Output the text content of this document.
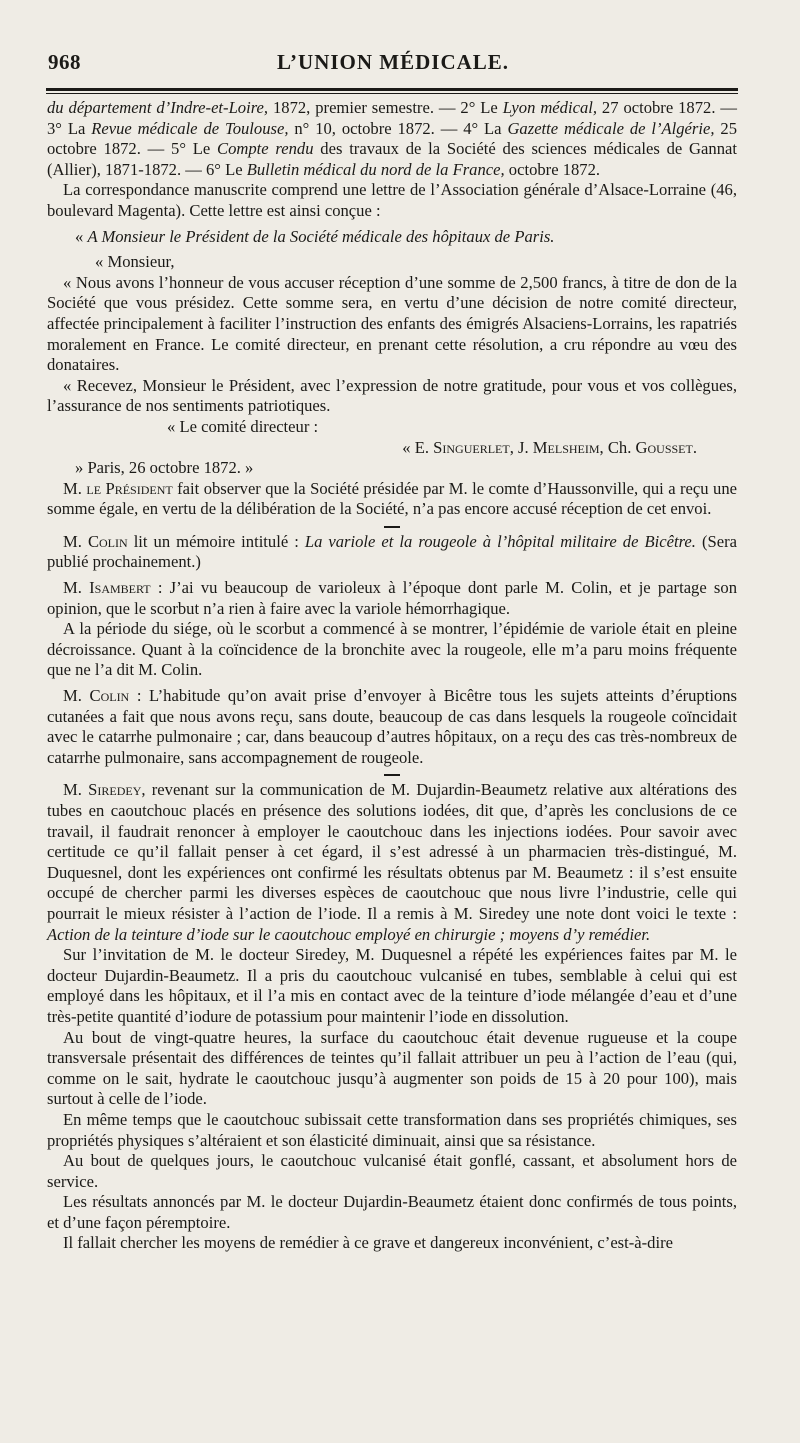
968	L’UNION MÉDICALE.

du département d’Indre-et-Loire, 1872, premier semestre. — 2° Le Lyon médical, 27 octobre 1872. — 3° La Revue médicale de Toulouse, n° 10, octobre 1872. — 4° La Gazette médicale de l’Algérie, 25 octobre 1872. — 5° Le Compte rendu des travaux de la Société des sciences médicales de Gannat (Allier), 1871-1872. — 6° Le Bulletin médical du nord de la France, octobre 1872.

La correspondance manuscrite comprend une lettre de l’Association générale d’Alsace-Lorraine (46, boulevard Magenta). Cette lettre est ainsi conçue :

« A Monsieur le Président de la Société médicale des hôpitaux de Paris.

« Monsieur,

« Nous avons l’honneur de vous accuser réception d’une somme de 2,500 francs, à titre de don de la Société que vous présidez. Cette somme sera, en vertu d’une décision de notre comité directeur, affectée principalement à faciliter l’instruction des enfants des émigrés Alsaciens-Lorrains, les rapatriés moralement en France. Le comité directeur, en prenant cette résolution, a cru répondre au vœu des donataires.

« Recevez, Monsieur le Président, avec l’expression de notre gratitude, pour vous et vos collègues, l’assurance de nos sentiments patriotiques.

« Le comité directeur :

« E. Singuerlet, J. Melsheim, Ch. Gousset.

» Paris, 26 octobre 1872. »

M. le Président fait observer que la Société présidée par M. le comte d’Haussonville, qui a reçu une somme égale, en vertu de la délibération de la Société, n’a pas encore accusé réception de cet envoi.

M. Colin lit un mémoire intitulé : La variole et la rougeole à l’hôpital militaire de Bicêtre. (Sera publié prochainement.)

M. Isambert : J’ai vu beaucoup de varioleux à l’époque dont parle M. Colin, et je partage son opinion, que le scorbut n’a rien à faire avec la variole hémorrhagique.

A la période du siége, où le scorbut a commencé à se montrer, l’épidémie de variole était en pleine décroissance. Quant à la coïncidence de la bronchite avec la rougeole, elle m’a paru moins fréquente que ne l’a dit M. Colin.

M. Colin : L’habitude qu’on avait prise d’envoyer à Bicêtre tous les sujets atteints d’éruptions cutanées a fait que nous avons reçu, sans doute, beaucoup de cas dans lesquels la rougeole coïncidait avec le catarrhe pulmonaire ; car, dans beaucoup d’autres hôpitaux, on a reçu des cas très-nombreux de catarrhe pulmonaire, sans accompagnement de rougeole.

M. Siredey, revenant sur la communication de M. Dujardin-Beaumetz relative aux altérations des tubes en caoutchouc placés en présence des solutions iodées, dit que, d’après les conclusions de ce travail, il faudrait renoncer à employer le caoutchouc dans les injections iodées. Pour savoir avec certitude ce qu’il fallait penser à cet égard, il s’est adressé à un pharmacien très-distingué, M. Duquesnel, dont les expériences ont confirmé les résultats obtenus par M. Beaumetz : il s’est ensuite occupé de chercher parmi les diverses espèces de caoutchouc que nous livre l’industrie, celle qui pourrait le mieux résister à l’action de l’iode. Il a remis à M. Siredey une note dont voici le texte : Action de la teinture d’iode sur le caoutchouc employé en chirurgie ; moyens d’y remédier.

Sur l’invitation de M. le docteur Siredey, M. Duquesnel a répété les expériences faites par M. le docteur Dujardin-Beaumetz. Il a pris du caoutchouc vulcanisé en tubes, semblable à celui qui est employé dans les hôpitaux, et il l’a mis en contact avec de la teinture d’iode mélangée d’eau et d’une très-petite quantité d’iodure de potassium pour maintenir l’iode en dissolution.

Au bout de vingt-quatre heures, la surface du caoutchouc était devenue rugueuse et la coupe transversale présentait des différences de teintes qu’il fallait attribuer un peu à l’action de l’eau (qui, comme on le sait, hydrate le caoutchouc jusqu’à augmenter son poids de 15 à 20 pour 100), mais surtout à celle de l’iode.

En même temps que le caoutchouc subissait cette transformation dans ses propriétés chimiques, ses propriétés physiques s’altéraient et son élasticité diminuait, ainsi que sa résistance.

Au bout de quelques jours, le caoutchouc vulcanisé était gonflé, cassant, et absolument hors de service.

Les résultats annoncés par M. le docteur Dujardin-Beaumetz étaient donc confirmés de tous points, et d’une façon péremptoire.

Il fallait chercher les moyens de remédier à ce grave et dangereux inconvénient, c’est-à-dire
